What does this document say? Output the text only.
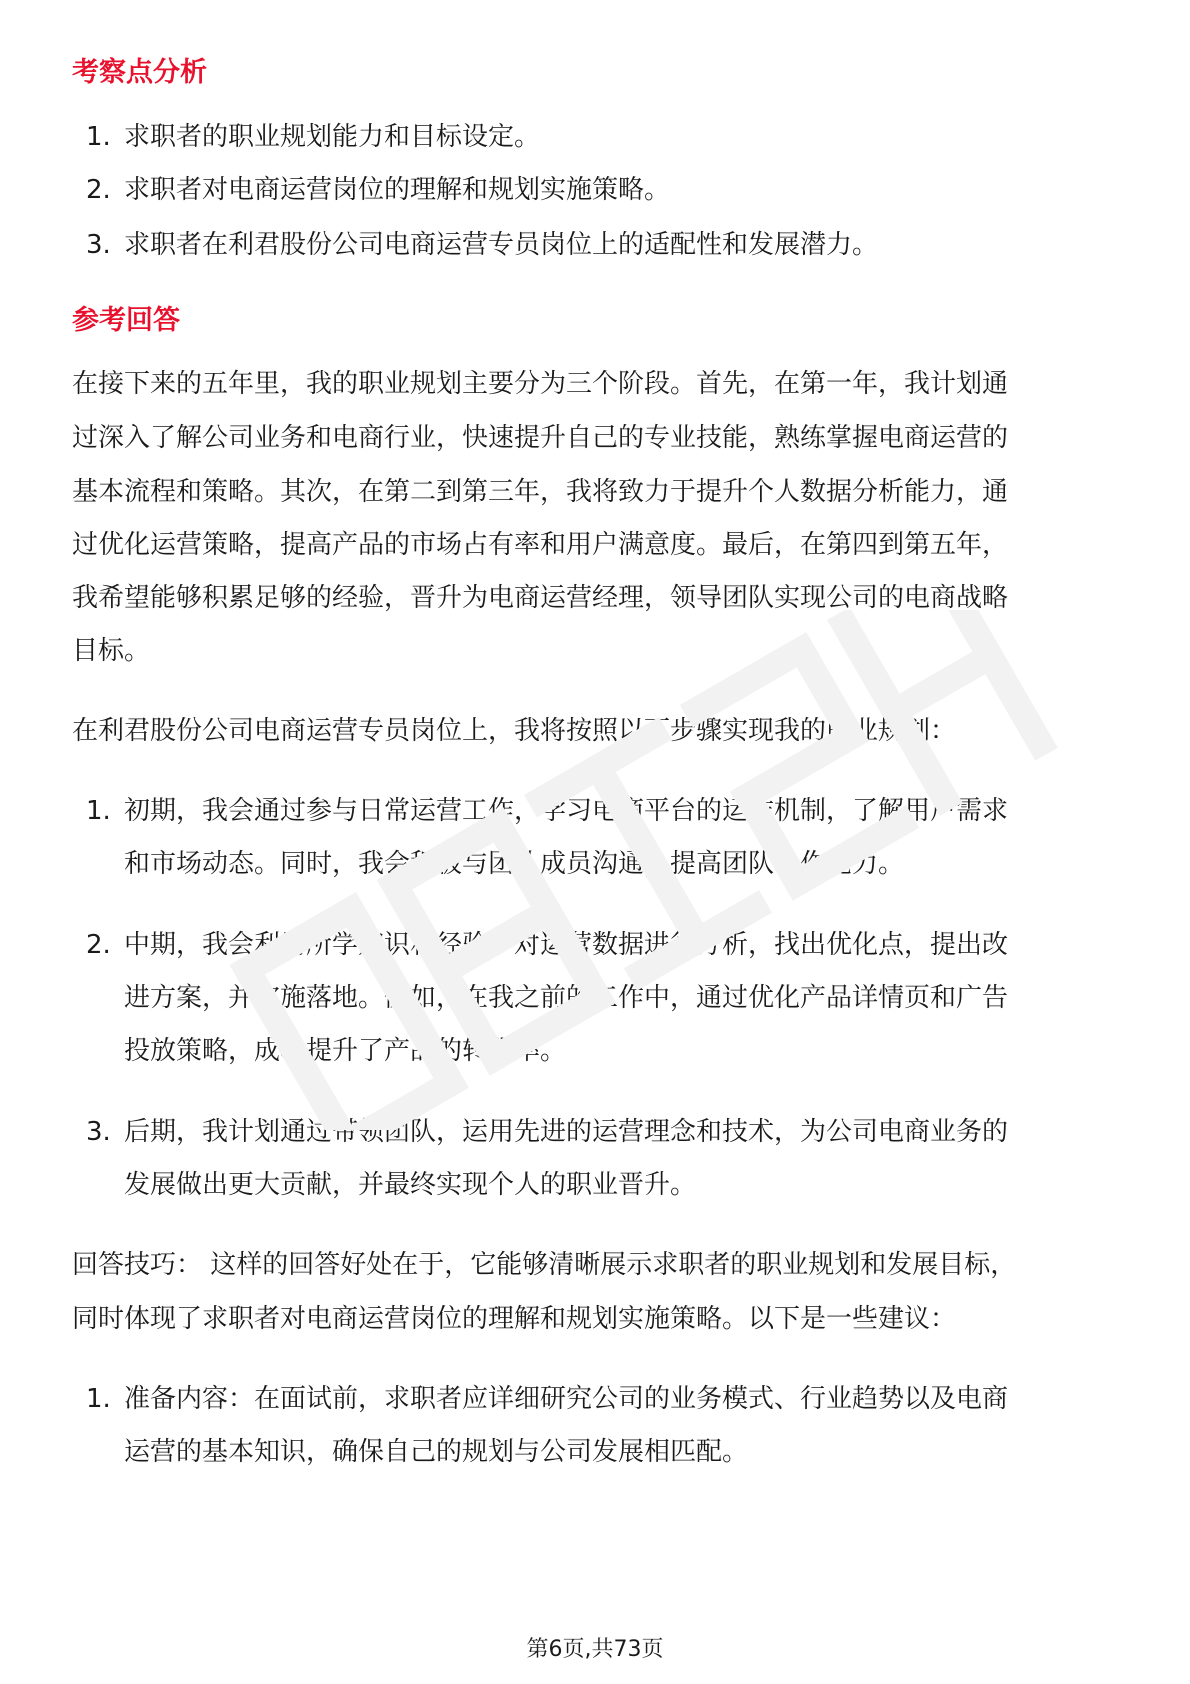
考察点分析
1. 求职者的职业规划能力和目标设定。
2. 求职者对电商运营岗位的理解和规划实施策略。
3. 求职者在利君股份公司电商运营专员岗位上的适配性和发展潜力。
参考回答
在接下来的五年里，我的职业规划主要分为三个阶段。首先，在第一年，我计划通
过深入了解公司业务和电商行业，快速提升自己的专业技能，熟练掌握电商运营的
基本流程和策略。其次，在第二到第三年，我将致力于提升个人数据分析能力，通
过优化运营策略，提高产品的市场占有率和用户满意度。最后，在第四到第五年，
我希望能够积累足够的经验，晋升为电商运营经理，领导团队实现公司的电商战略
目标。
在利君股份公司电商运营专员岗位上，我将按照以下步骤实现我的职业规划：
1. 初期，我会通过参与日常运营工作，学习电商平台的运作机制，了解用户需求
和市场动态。同时，我会积极与团队成员沟通，提高团队协作能力。
2. 中期，我会利用所学知识和经验，对运营数据进行分析，找出优化点，提出改
进方案，并实施落地。例如，在我之前的工作中，通过优化产品详情页和广告
投放策略，成功提升了产品的转化率。
3. 后期，我计划通过带领团队，运用先进的运营理念和技术，为公司电商业务的
发展做出更大贡献，并最终实现个人的职业晋升。
回答技巧： 这样的回答好处在于，它能够清晰展示求职者的职业规划和发展目标，
同时体现了求职者对电商运营岗位的理解和规划实施策略。以下是一些建议：
1. 准备内容：在面试前，求职者应详细研究公司的业务模式、行业趋势以及电商
运营的基本知识，确保自己的规划与公司发展相匹配。
第6页,共73页
